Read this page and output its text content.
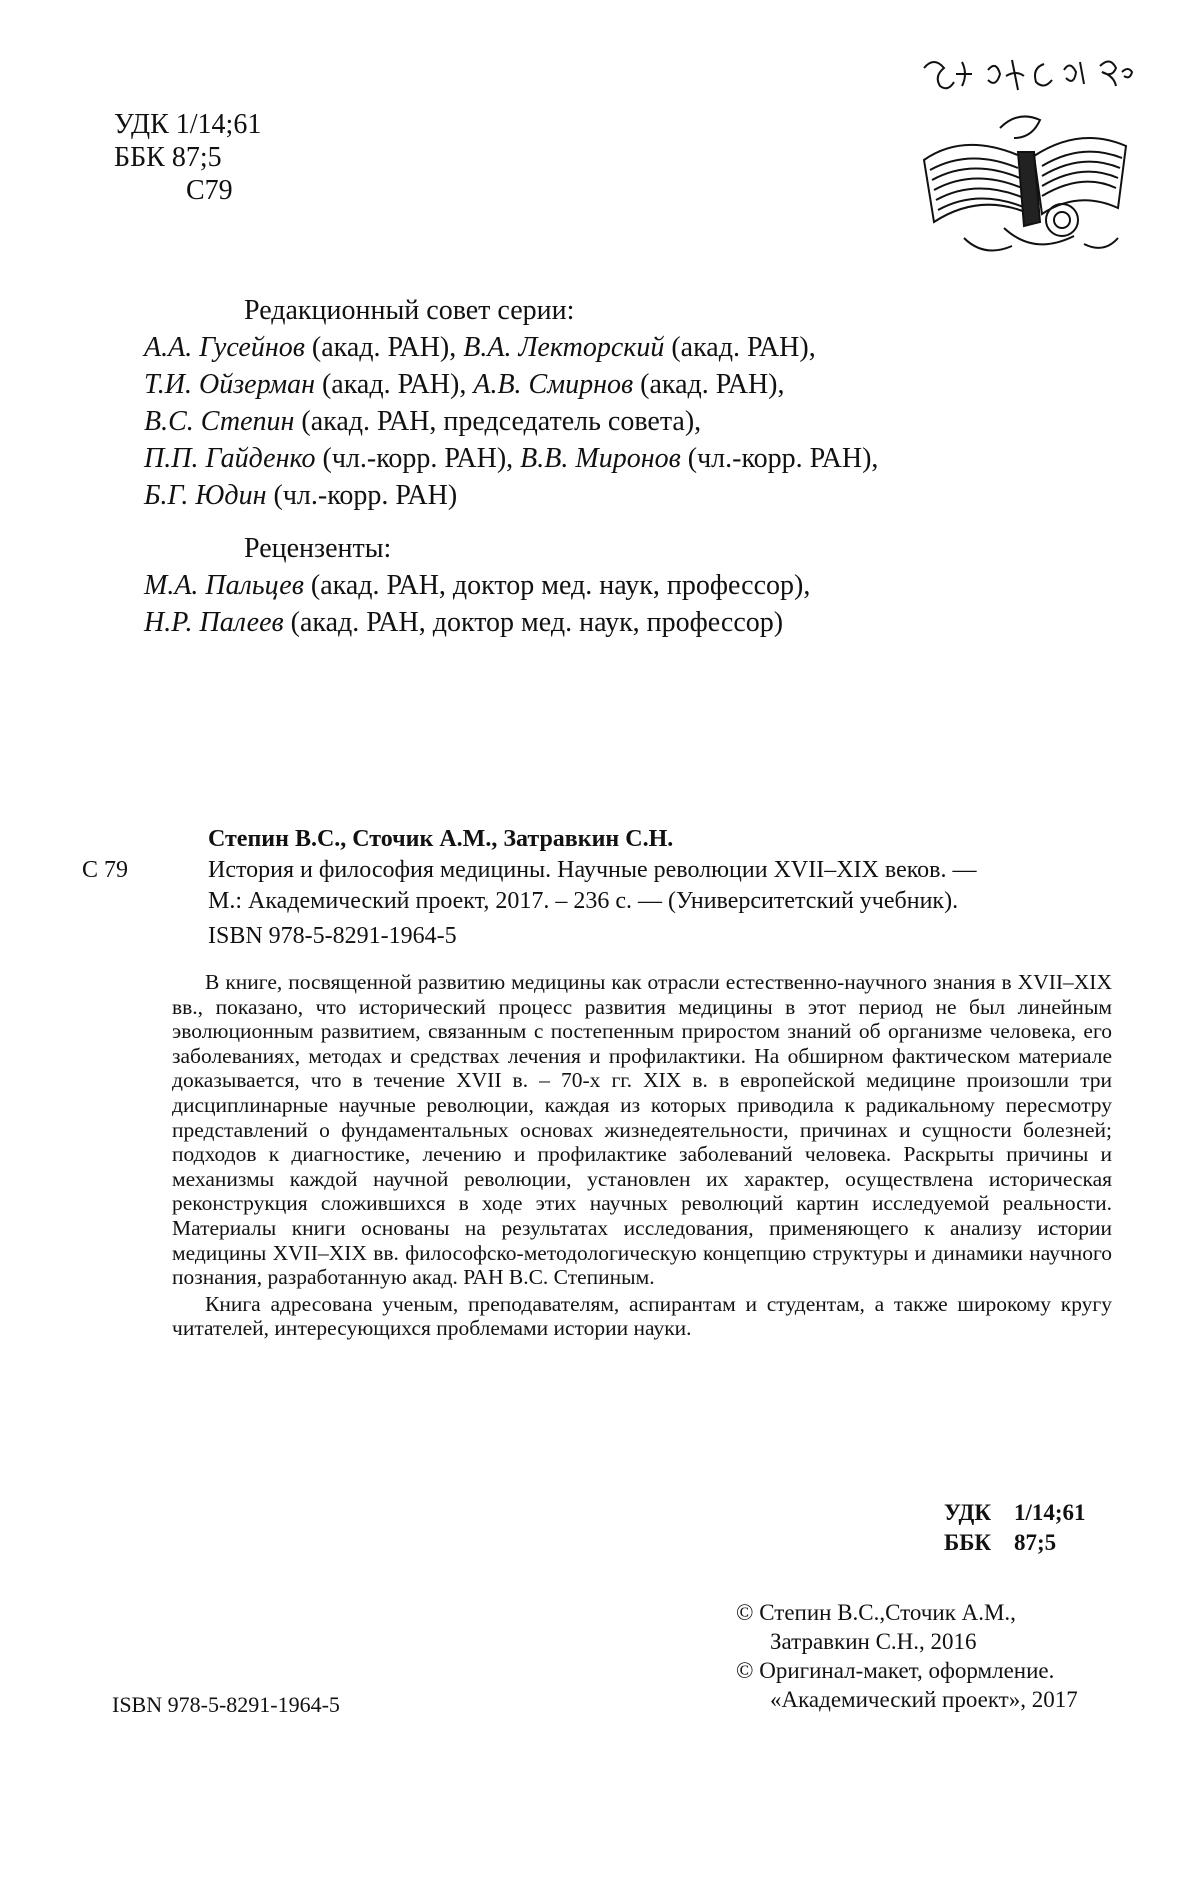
УДК 1/14;61
ББК 87;5
С79
Редакционный совет серии:
А.А. Гусейнов (акад. РАН), В.А. Лекторский (акад. РАН),
Т.И. Ойзерман (акад. РАН), А.В. Смирнов (акад. РАН),
В.С. Степин (акад. РАН, председатель совета),
П.П. Гайденко (чл.-корр. РАН), В.В. Миронов (чл.-корр. РАН),
Б.Г. Юдин (чл.-корр. РАН)
Рецензенты:
М.А. Пальцев (акад. РАН, доктор мед. наук, профессор),
Н.Р. Палеев (акад. РАН, доктор мед. наук, профессор)
Степин В.С., Сточик А.М., Затравкин С.Н.
С 79	История и философия медицины. Научные революции XVII–XIX веков. —
М.: Академический проект, 2017. – 236 с. — (Университетский учебник).
ISBN 978-5-8291-1964-5

В книге, посвященной развитию медицины как отрасли естественно-научного знания в XVII–XIX вв., показано, что исторический процесс развития медицины в этот период не был линейным эволюционным развитием, связанным с постепенным приростом знаний об организме человека, его заболеваниях, методах и средствах лечения и профилактики. На обширном фактическом материале доказывается, что в течение XVII в. – 70-х гг. XIX в. в европейской медицине произошли три дисциплинарные научные революции, каждая из которых приводила к радикальному пересмотру представлений о фундаментальных основах жизнедеятельности, причинах и сущности болезней; подходов к диагностике, лечению и профилактике заболеваний человека. Раскрыты причины и механизмы каждой научной революции, установлен их характер, осуществлена историческая реконструкция сложившихся в ходе этих научных революций картин исследуемой реальности. Материалы книги основаны на результатах исследования, применяющего к анализу истории медицины XVII–XIX вв. философско-методологическую концепцию структуры и динамики научного познания, разработанную акад. РАН В.С. Степиным.

Книга адресована ученым, преподавателям, аспирантам и студентам, а также широкому кругу читателей, интересующихся проблемами истории науки.

УДК 1/14;61
ББК 87;5
© Степин В.С.,Сточик А.М.,
Затравкин С.Н., 2016
© Оригинал-макет, оформление.
«Академический проект», 2017
ISBN 978-5-8291-1964-5
